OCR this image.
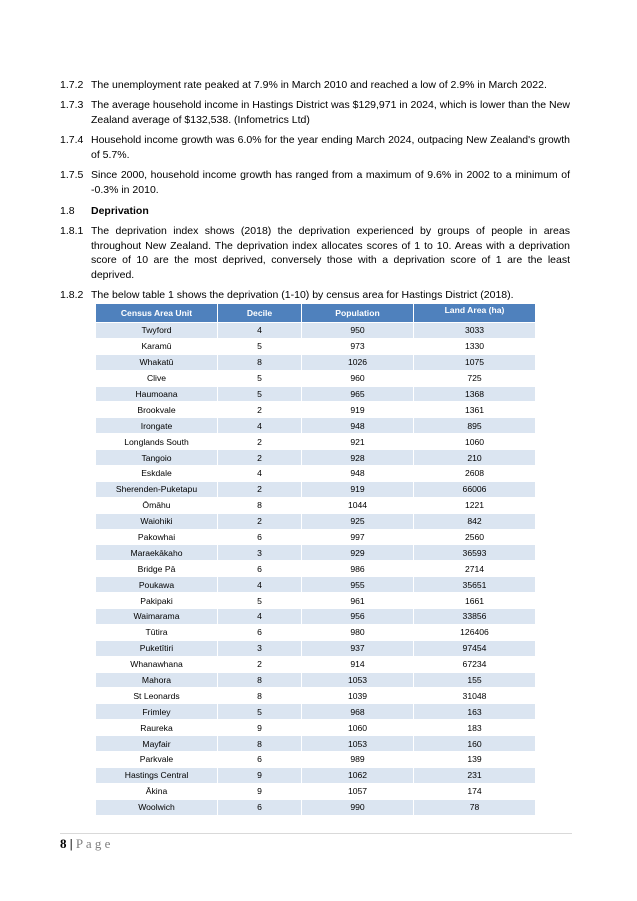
1.7.2 The unemployment rate peaked at 7.9% in March 2010 and reached a low of 2.9% in March 2022.
1.7.3 The average household income in Hastings District was $129,971 in 2024, which is lower than the New Zealand average of $132,538. (Infometrics Ltd)
1.7.4 Household income growth was 6.0% for the year ending March 2024, outpacing New Zealand's growth of 5.7%.
1.7.5 Since 2000, household income growth has ranged from a maximum of 9.6% in 2002 to a minimum of -0.3% in 2010.
1.8 Deprivation
1.8.1 The deprivation index shows (2018) the deprivation experienced by groups of people in areas throughout New Zealand. The deprivation index allocates scores of 1 to 10. Areas with a deprivation score of 10 are the most deprived, conversely those with a deprivation score of 1 are the least deprived.
1.8.2 The below table 1 shows the deprivation (1-10) by census area for Hastings District (2018).
Census Area Unit	Decile	Population	Land Area (ha)
Twyford	4	950	3033
Karamū	5	973	1330
Whakatū	8	1026	1075
Clive	5	960	725
Haumoana	5	965	1368
Brookvale	2	919	1361
Irongate	4	948	895
Longlands South	2	921	1060
Tangoio	2	928	210
Eskdale	4	948	2608
Sherenden-Puketapu	2	919	66006
Ōmāhu	8	1044	1221
Waiohiki	2	925	842
Pakowhai	6	997	2560
Maraekākaho	3	929	36593
Bridge Pā	6	986	2714
Poukawa	4	955	35651
Pakipaki	5	961	1661
Waimarama	4	956	33856
Tūtira	6	980	126406
Puketītiri	3	937	97454
Whanawhana	2	914	67234
Mahora	8	1053	155
St Leonards	8	1039	31048
Frimley	5	968	163
Raureka	9	1060	183
Mayfair	8	1053	160
Parkvale	6	989	139
Hastings Central	9	1062	231
Ākina	9	1057	174
Woolwich	6	990	78
8 | P a g e
